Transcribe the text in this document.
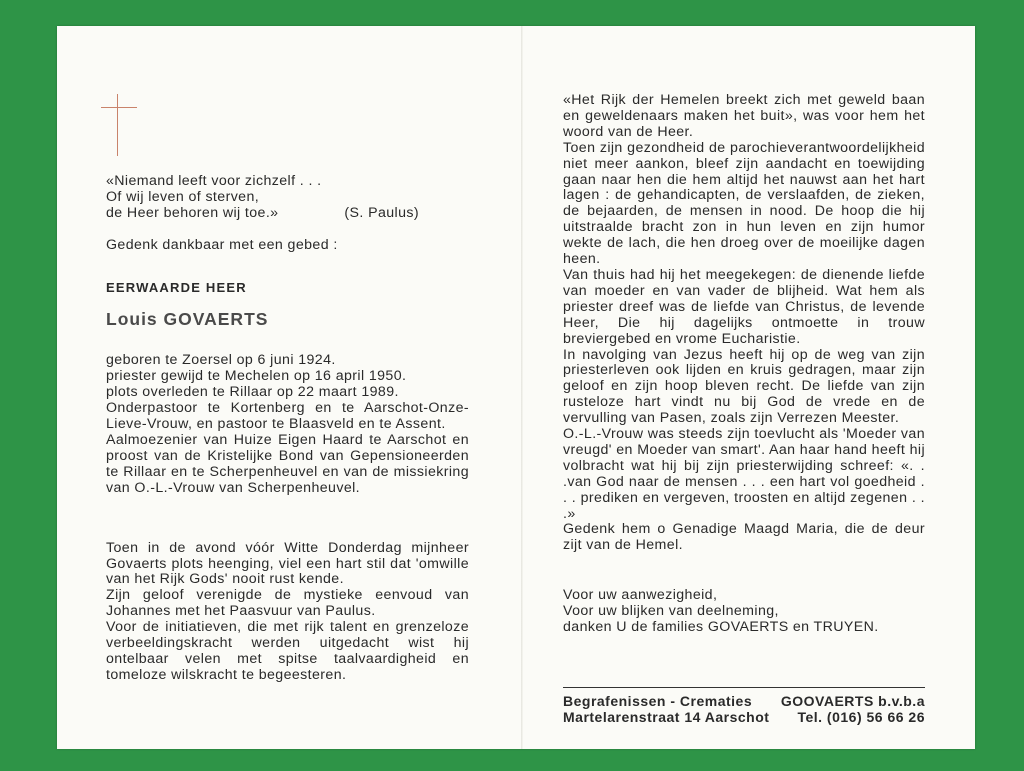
«Niemand leeft voor zichzelf . . .
Of wij leven of sterven,
de Heer behoren wij toe.»	(S. Paulus)

Gedenk dankbaar met een gebed :

EERWAARDE HEER

Louis GOVAERTS

geboren te Zoersel op 6 juni 1924.
priester gewijd te Mechelen op 16 april 1950.
plots overleden te Rillaar op 22 maart 1989.
Onderpastoor te Kortenberg en te Aarschot-Onze-Lieve-Vrouw, en pastoor te Blaasveld en te Assent.
Aalmoezenier van Huize Eigen Haard te Aarschot en proost van de Kristelijke Bond van Gepensioneerden te Rillaar en te Scherpenheuvel en van de missiekring van O.-L.-Vrouw van Scherpenheuvel.

Toen in de avond vóór Witte Donderdag mijnheer Govaerts plots heenging, viel een hart stil dat 'omwille van het Rijk Gods' nooit rust kende.
Zijn geloof verenigde de mystieke eenvoud van Johannes met het Paasvuur van Paulus.
Voor de initiatieven, die met rijk talent en grenzeloze verbeeldingskracht werden uitgedacht wist hij ontelbaar velen met spitse taalvaardigheid en tomeloze wilskracht te begeesteren.

«Het Rijk der Hemelen breekt zich met geweld baan en geweldenaars maken het buit», was voor hem het woord van de Heer.
Toen zijn gezondheid de parochieverantwoordelijkheid niet meer aankon, bleef zijn aandacht en toewijding gaan naar hen die hem altijd het nauwst aan het hart lagen : de gehandicapten, de verslaafden, de zieken, de bejaarden, de mensen in nood. De hoop die hij uitstraalde bracht zon in hun leven en zijn humor wekte de lach, die hen droeg over de moeilijke dagen heen.
Van thuis had hij het meegekegen: de dienende liefde van moeder en van vader de blijheid. Wat hem als priester dreef was de liefde van Christus, de levende Heer, Die hij dagelijks ontmoette in trouw breviergebed en vrome Eucharistie.
In navolging van Jezus heeft hij op de weg van zijn priesterleven ook lijden en kruis gedragen, maar zijn geloof en zijn hoop bleven recht. De liefde van zijn rusteloze hart vindt nu bij God de vrede en de vervulling van Pasen, zoals zijn Verrezen Meester.
O.-L.-Vrouw was steeds zijn toevlucht als 'Moeder van vreugd' en Moeder van smart'. Aan haar hand heeft hij volbracht wat hij bij zijn priesterwijding schreef: «. . .van God naar de mensen . . . een hart vol goedheid . . . prediken en vergeven, troosten en altijd zegenen . . .»
Gedenk hem o Genadige Maagd Maria, die de deur zijt van de Hemel.

Voor uw aanwezigheid,
Voor uw blijken van deelneming,
danken U de families GOVAERTS en TRUYEN.

Begrafenissen - Crematies GOOVAERTS b.v.b.a
Martelarenstraat 14 Aarschot Tel. (016) 56 66 26
